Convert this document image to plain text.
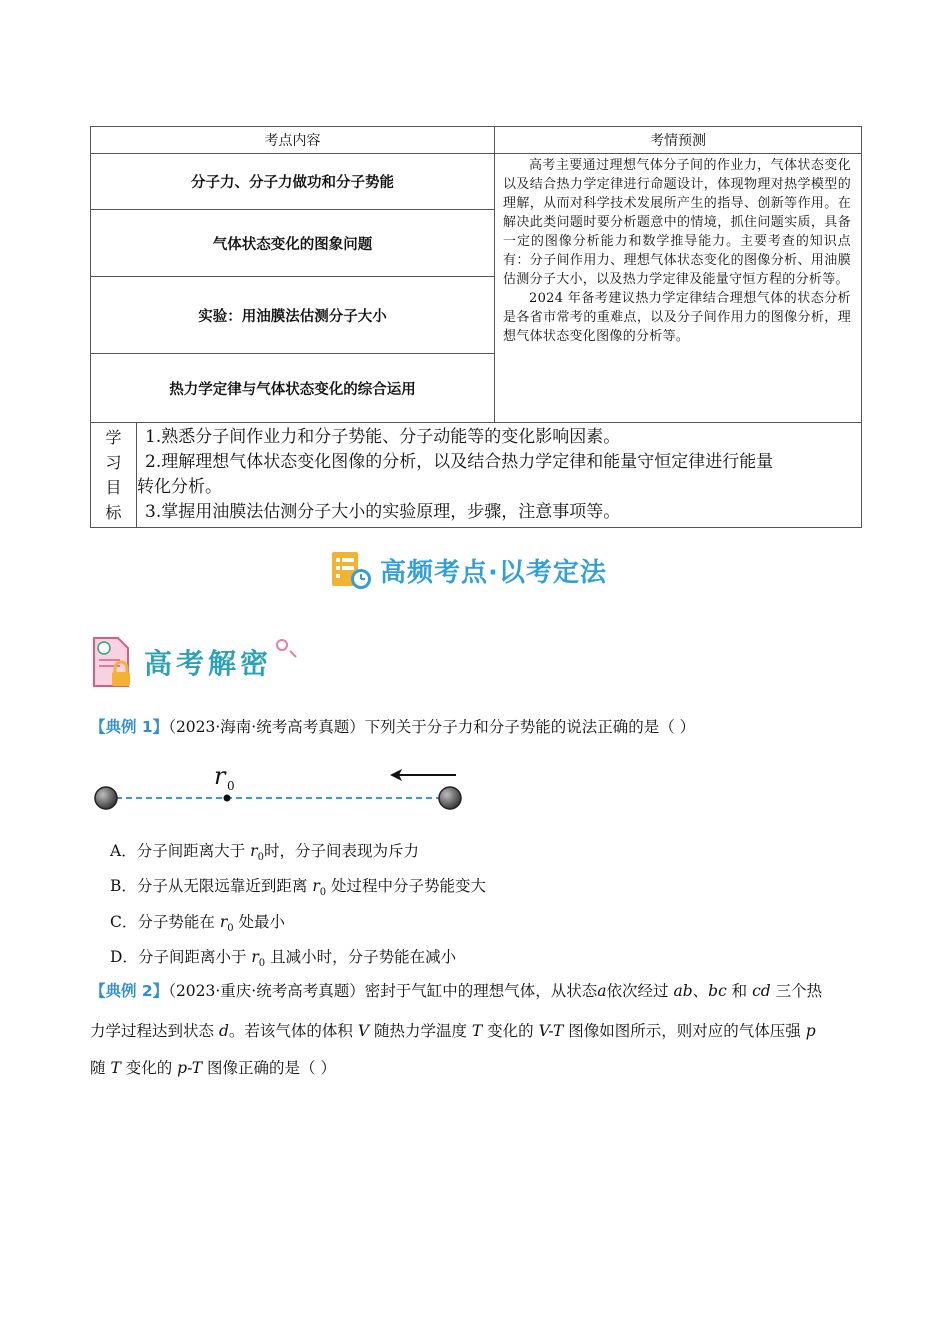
考点内容	考情预测
分子力、分子力做功和分子势能	高考主要通过理想气体分子间的作业力，气体状态变化以及结合热力学定律进行命题设计，体现物理对热学模型的理解，从而对科学技术发展所产生的指导、创新等作用。在解决此类问题时要分析题意中的情境，抓住问题实质，具备一定的图像分析能力和数学推导能力。主要考查的知识点有：分子间作用力、理想气体状态变化的图像分析、用油膜估测分子大小，以及热力学定律及能量守恒方程的分析等。

2024 年备考建议热力学定律结合理想气体的状态分析是各省市常考的重难点，以及分子间作用力的图像分析，理想气体状态变化图像的分析等。

气体状态变化的图象问题	
实验：用油膜法估测分子大小	
热力学定律与气体状态变化的综合运用	
学
习
目
标

1.熟悉分子间作业力和分子势能、分子动能等的变化影响因素。
2.理解理想气体状态变化图像的分析，以及结合热力学定律和能量守恒定律进行能量
转化分析。
3.掌握用油膜法估测分子大小的实验原理，步骤，注意事项等。
高频考点·以考定法
高考解密
【典例 1】（2023·海南·统考高考真题）下列关于分子力和分子势能的说法正确的是（ ）
r 0
A．分子间距离大于 $r_0$时，分子间表现为斥力
B．分子从无限远靠近到距离 $r_0$ 处过程中分子势能变大
C．分子势能在 $r_0$ 处最小
D．分子间距离小于 $r_0$ 且减小时，分子势能在减小
【典例 2】（2023·重庆·统考高考真题）密封于气缸中的理想气体，从状态a依次经过 ab、bc 和 cd 三个热
力学过程达到状态 d。若该气体的体积 V 随热力学温度 T 变化的 V-T 图像如图所示，则对应的气体压强 p
随 T 变化的 p-T 图像正确的是（ ）
